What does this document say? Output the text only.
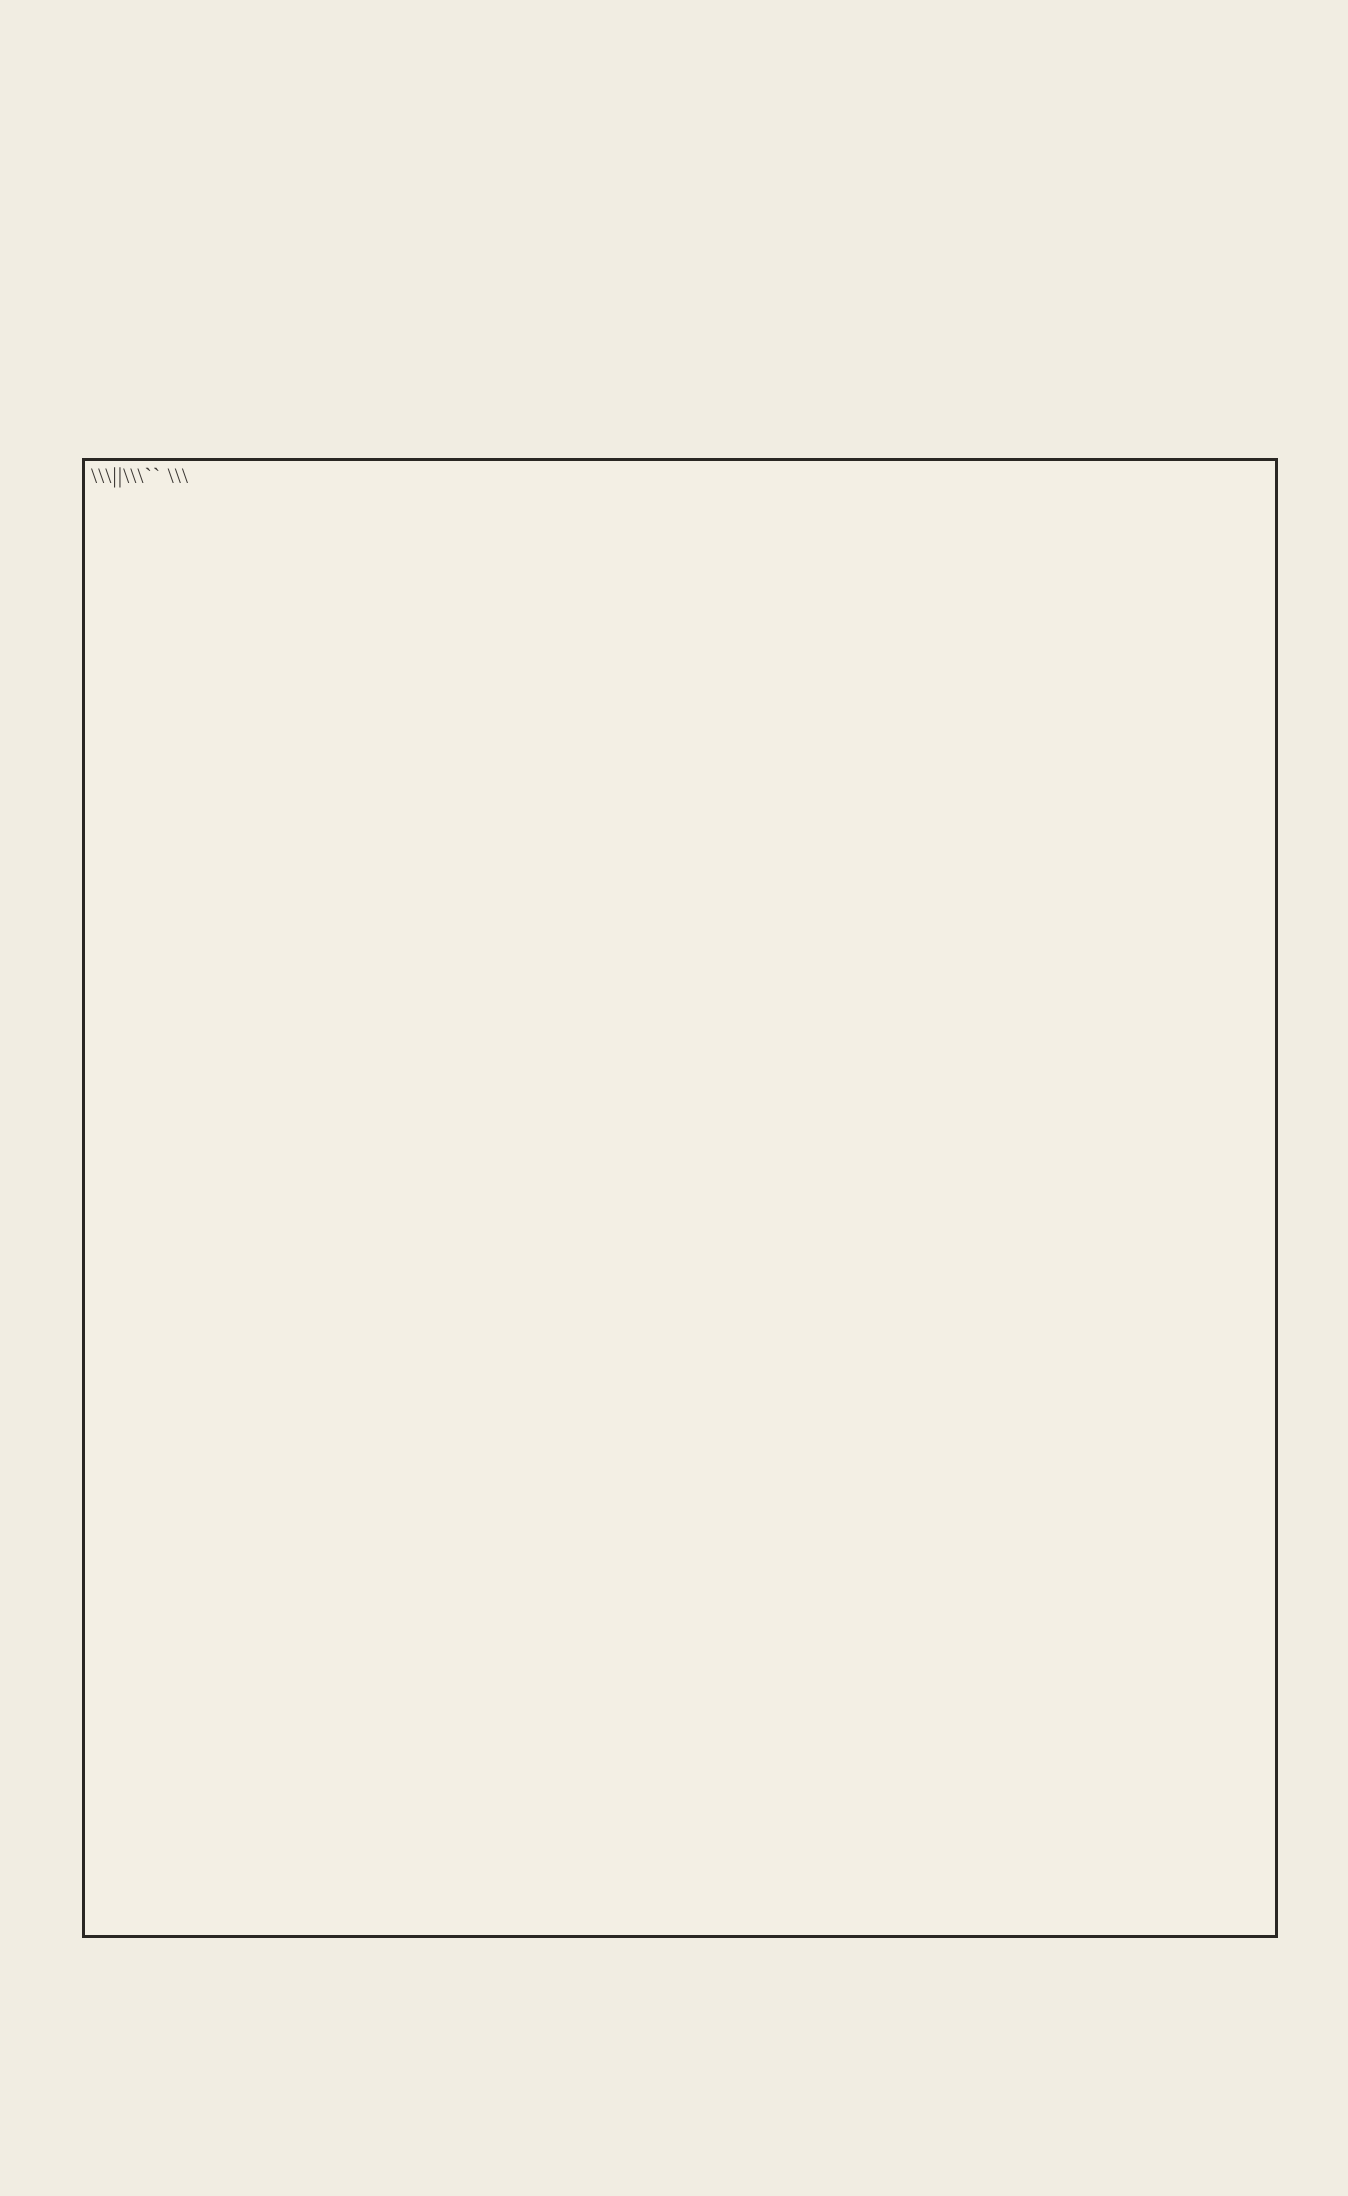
\\\||\\\`` \\\
